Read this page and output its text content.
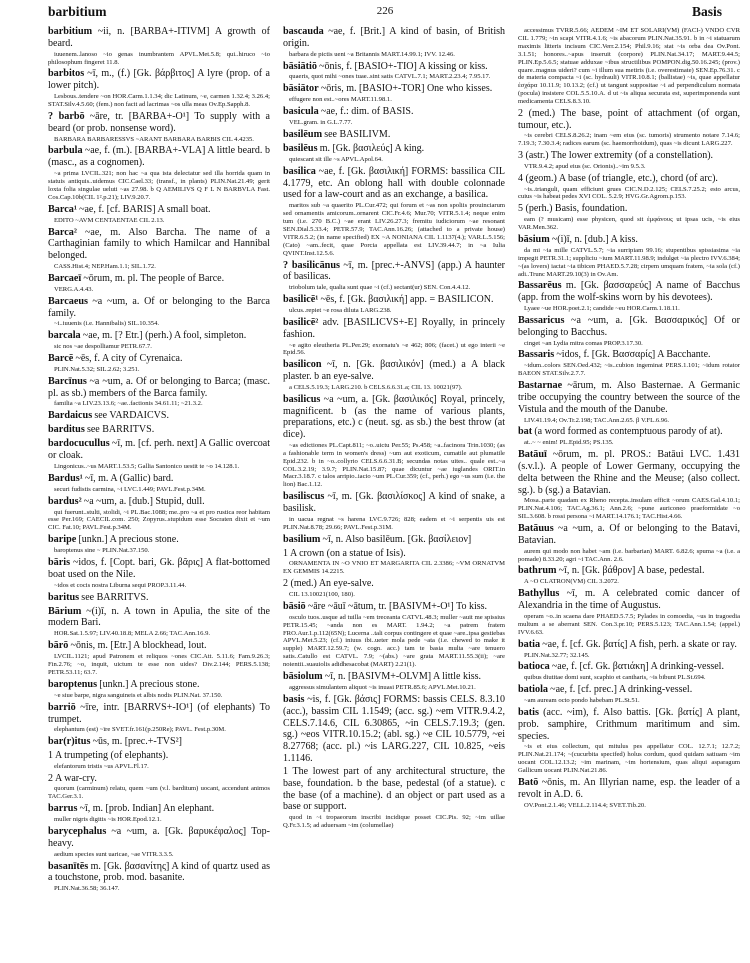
barbitium	226	Basis
barbitium ~ii, n. [BARBA+-ITIVM] A growth of beard.
iuuenem..lanoso ~io genas inumbrantem APVL.Met.5.8; qui..hiruco ~io philosophum fingeret 11.8.
barbitos ~ī, m., (f.) [Gk. βάρβιτος] A lyre (prop. of a lower pitch).
Lesbous..tendere ~on HOR.Carm.1.1.34; dic Latinum, ~e, carmen 1.32.4; 3.26.4; STAT.Silv.4.5.60; (fem.) non facit ad lacrimas ~os ulla meas Ov.Ep.Sapph.8.
? barbō ~āre, tr. [BARBA+-O¹] To supply with a beard (or prob. nonsense word).
BARBARA BARBARESSVS ~ARANT BARBARA BARBIS CIL 4.4235.
barbula ~ae, f. (m.). [BARBA+-VLA] A little beard. b (masc., as a cognomen).
~a prima LVCIL.321; non hac ~a qua ista delectatur sed illa horrida quam in statuis antiquis..uidemus CIC.Cael.33; (transf., in plants) PLIN.Nat.21.49; gerit loxta folia singulae ueluti ~as 27.98. b Q AEMILIVS Q F L N BARBVLA Fast. Cos.Cap.10b(CIL 1².p.21); LIV.9.20.7.
Barca¹ ~ae, f. [cf. BARIS] A small boat.
EDITO ~AVM CENTAENTAE CIL 2.13.
Barca² ~ae, m. Also Barcha. The name of a Carthaginian family to which Hamilcar and Hannibal belonged.
CASS.Hist.4; NEP.Ham.1.1; SIL.1.72.
Barcaeī ~ōrum, m. pl. The people of Barce.
VERG.A.4.43.
Barcaeus ~a ~um, a. Of or belonging to the Barca family.
~i..iuuenis (i.e. Hannibalis) SIL.10.354.
barcala ~ae, m. [? Etr.] (perh.) A fool, simpleton.
sic nos ~ae despolliamur PETR.67.7.
Barcē ~ēs, f. A city of Cyrenaica.
PLIN.Nat.5.32; SIL.2.62; 3.251.
Barcīnus ~a ~um, a. Of or belonging to Barca; (masc. pl. as sb.) members of the Barca family.
familia ~a LIV.23.13.6; ~ae..factionis 34.61.11; ~21.3.2.
Bardaicus see VARDAICVS.
barditus see BARRITVS.
bardocucullus ~ī, m. [cf. perh. next] A Gallic overcoat or cloak.
Lingonicus..~us MART.1.53.5; Gallia Santonico uestit te ~o 14.128.1.
Bardus¹ ~ī, m. A (Gallic) bard.
securi fudistis carmina, ~i LVC.1.449; PAVL.Fest.p.34M.
bardus² ~a ~um, a. [dub.] Stupid, dull.
qui fuerunt..stulti, stolidi, ~i PL.Bac.1088; me..pro ~a et pro rustica reor habitam esse Per.169; CAECIL.com. 250; Zopyrus..stupidum esse Socraten dixit et ~um CIC. Fat.10; PAVL.Fest.p.34M.
baripe [unkn.] A precious stone.
baroptenus sine ~ PLIN.Nat.37.150.
bāris ~idos, f. [Copt. bari, Gk. βᾶρις] A flat-bottomed boat used on the Nile.
~idos et cocis nostra Liburna sequi PROP.3.11.44.
baritus see BARRITVS.
Bārium ~(i)ī, n. A town in Apulia, the site of the modern Bari.
HOR.Sat.1.5.97; LIV.40.18.8; MELA 2.66; TAC.Ann.16.9.
bārō ~ōnis, m. [Etr.] A blockhead, lout.
LVCIL.1121; apud Patronem et reliquos ~ones CIC.Att. 5.11.6; Fam.9.26.3; Fin.2.76; ~o, inquit, uictum te esse non uides? Div.2.144; PERS.5.138; PETR.53.11; 63.7.
baroptenus [unkn.] A precious stone.
~e siue barpe, nigra sanguineis et albis nodis PLIN.Nat. 37.150.
barriō ~īre, intr. [BARRVS+-IO¹] (of elephants) To trumpet.
elephantum (est) ~īre SVET.fr.161(p.250Re); PAVL. Fest.p.30M.
bar(r)itus ~ūs, m. [prec.+-TVS²]
1 A trumpeting (of elephants).
elefantorum tristis ~us APVL.Fl.17.
2 A war-cry.
quorum (carminum) relatu, quem ~um (v.l. barditum) uocant, accendunt animos TAC.Ger.3.1.
barrus ~ī, m. [prob. Indian] An elephant.
muller nigris digitis ~is HOR.Epod.12.1.
barycephalus ~a ~um, a. [Gk. βαρυκέφαλος] Top-heavy.
aedium species sunt uaricae, ~ae VITR.3.3.5.
basanītēs m. [Gk. βασανίτης] A kind of quartz used as a touchstone, prob. mod. basanite.
PLIN.Nat.36.58; 36.147.
bascauda ~ae, f. [Brit.] A kind of basin, of British origin.
barbara de pictis ueni ~a Britannis MART.14.99.1; IVV. 12.46.
bāsiātiō ~ōnis, f. [BASIO+-TIO] A kissing or kiss.
quaeris, quot mihi ~ones tuae..sint satis CATVL.7.1; MART.2.23.4; 7.95.17.
bāsiātor ~ōris, m. [BASIO+-TOR] One who kisses.
effugere non est..~ores MART.11.98.1.
basicula ~ae, f.: dim. of BASIS.
VEL.gram. in G.L.7.77.
basilēum see BASILIVM.
basilēus m. [Gk. βασιλεύς] A king.
quiescant sit ille ~s APVL.Apol.64.
basilica ~ae, f. [Gk. βασιλική] FORMS: bassilica CIL 4.1779, etc. An oblong hall with double colonnade used for a law-court and as an exchange, a basilica.
maritos sub ~a quaerito PL.Cur.472; qui forum et ~as non spoliis prouinciarum sed ornamentis amicorum..ornarent CIC.Fr.4.6; Mur.70; VITR.5.1.4; neque enim tum (i.e. 270 B.C.) ~ae erant LIV.26.27.3; fremitu iudiciorum ~ae resonant SEN.Dial.5.33.4; PETR.57.9; TAC.Ann.16.26; (attached to a private house) VITR.6.5.2; (in name specified) EX ~A NONIANA CIL 1.1137(4.); VAR.L.5.156; (Cato) ~am..fecit, quae Porcia appellata est LIV.39.44.7; in ~a Iulia QVINT.Inst.12.5.6.
? basilicānus ~ī, m. [prec.+-ANVS] (app.) A haunter of basilicas.
triobolum tale, qualia sunt quae ~i (cf.) sectant(ur) SEN. Con.4.4.12.
basilicē¹ ~ēs, f. [Gk. βασιλική] app. = BASILICON.
ulcus..repiet ~e rosa diluta LARG.238.
basilicē² adv. [BASILICVS+-E] Royally, in princely fashion.
~e agito eleutheria PL.Per.29; exornatu's ~e 462; 806; (facet.) ut ego interii ~e Epid.56.
basilicon ~ī, n. [Gk. βασιλικόν] (med.) a A black plaster. b an eye-salve.
a CELS.5.19.3; LARG.210. b CELS.6.6.31.a; CIL 13. 10021(97).
basilicus ~a ~um, a. [Gk. βασιλικός] Royal, princely, magnificent. b (as the name of various plants, preparations, etc.) c (neut. sg. as sb.) the best throw (at dice).
~as edictiones PL.Capt.811; ~o..uictu Per.55; Ps.458; ~a..facinora Trin.1030; (as a fashionable term in women's dress) ~um aut exoticum, cumatile aut plumatile Epid.232. b in ~o..collyrio CELS.6.6.31.B; secundas notas uites.. quale est..~a COL.3.2.19; 3.9.7; PLIN.Nat.15.87; quae dicuntur ~ae iuglandes ORIT.in Macr.3.18.7. c talos arripio..iacio ~um PL.Cur.359; (cf., perh.) ego ~us sum (i.e. the lion) Bac.1.12.
basiliscus ~ī, m. [Gk. βασιλίσκος] A kind of snake, a basilisk.
in uacua regnat ~s harena LVC.9.726; 828; eadem et ~i serpentis uis est PLIN.Nat.8.78; 29.66; PAVL.Fest.p.31M.
basilium ~ī, n. Also basilēum. [Gk. βασίλειον]
1 A crown (on a statue of Isis).
ORNAMENTA IN ~O VNIO ET MARGARITA CIL 2.3386; ~VM ORNATVM EX GEMMIS 14.2215.
2 (med.) An eye-salve.
CIL 13.10021(100, 180).
bāsiō ~āre ~āuī ~ātum, tr. [BASIVM+-O¹] To kiss.
osculo tuos..usque ad tuilla ~em treceanta CATVL.48.3; muller ~auit me spissius PETR.15.45; ~anda non es MART. 1.94.2; ~a patrem fratem FRO.Aur.1.p.112(65N); Lucerna ..tali corpus contingere et quae ~are..ipsa gestiebas APVL.Met.5.23; (cf.) iniuus ibi..ueter mola pede ~ata (i.e. chewed to make it supple) MART.12.59.7; (w. cogn. acc.) tam te basia multa ~are tenuero satis..Catullo est CATVL. 7.9; ~(abs.) ~are grata MART.11.55.3(ii); ~are noientii..suauiolis adidhesacobat (MART) 2.21(1).
bāsiolum ~ī, n. [BASIVM+-OLVM] A little kiss.
aggressus simulantem aliquot ~is inuasi PETR.85.6; APVL.Met.10.21.
basis ~is, f. [Gk. βάσις] FORMS: bassis CELS. 8.3.10 (acc.), bassim CIL 1.1549; (acc. sg.) ~em VITR.9.4.2, CELS.7.14.6, CIL 6.30865, ~in CELS.7.19.3; (gen. sg.) ~eos VITR.10.15.2; (abl. sg.) ~e CIL 10.5779, ~ei 8.27768; (acc. pl.) ~is LARG.227, CIL 10.825, ~eis 1.1146.
1 The lowest part of any architectural structure, the base, foundation. b the base, pedestal (of a statue). c the base (of a machine). d an object or part used as a base or support.
quod in ~i tropaeorum inscribi incidique posset CIC.Pis. 92; ~im uillae Q.Fr.3.1.5; ad aduersam ~im (columellae)
accessimus TVRR.5.66; AEDEM ~IM ET SOLARI(VM) (FACI-) VNDO CVR CIL 1.779; ~in scapi VITR.4.1.6; ~is abacorum PLIN.Nat.35.91. b in ~i statuarum maximis litteris incisum CIC.Verr.2.154; Phil.9.16; stat ~is orba dea Ov.Pont. 3.1.51; honores..~apus inseruit (corpore) PLIN.Nat.34.17; MART.9.44.5; PLIN.Ep.5.6.5; statuae adduxae ~ibus structilibus POMPON.dig.50.16.245; (prov.) quare..magnus uideri? cum ~i illum sua metiris (i.e. overestimate) SEN.Ep.76.31. c de materia compacta ~i (sc. hydrauli) VITR.10.8.1; (ballistae) ~is, quae appellatur ἐσχάρα 10.11.9; 10.13.2; (cf.) ut tangunt suppositae ~i ad perpendiculum normata (pocula) insistere COL.5.5.10.A. d ut ~is aliqua securata est, superimponenda sunt medicamenta CELS.8.3.10.
2 (med.) The base, point of attachment (of organ, tumour, etc.).
~is cerebri CELS.8.26.2; inam ~em eius (sc. tumoris) strumento notare 7.14.6; 7.19.3; 7.30.3.4; radices earum (sc. haemorrhoidum), quas ~is dicunt LARG.227.
3 (astr.) The lower extremity (of a constellation).
VTR.9.4.2; apud eius (sc. Orionis)..~im 9.5.3.
4 (geom.) A base (of triangle, etc.), chord (of arc).
~is..trianguli, quam efficiunt grues CIC.N.D.2.125; CELS.7.25.2; esto arcus, cuius ~is habeat pedes XVI COL. 5.2.9; HVG.Gr.Agrom.p.153.
5 (perh.) Basis, foundation.
eam (? musicam) esse physicen, quod sit ἐμφάνους ut ipsas ucis, ~is eius VAR.Men.362.
bāsium ~(i)ī, n. [dub.] A kiss.
da mi ~ia mille CATVL.5.7; ~ia surripiam 99.16; stupentibus spissiasima ~ia impegit PETR.31.1; suppliciu ~ium MART.11.98.9; indulget ~ia plectro IVV.6.384; ~(as lovers) iactat ~ia tibicen PHAED.5.7.28; cirpem umquam fratem, ~ia sola (cf.) adi..Trunc MART.29.10(3) in Ov.Am.
Bassarēus m. [Gk. βασσαρεύς] A name of Bacchus (app. from the wolf-skins worn by his devotees).
Lyaee ~ue HOR.poet.2.1; candide ~eu HOR.Carm.1.18.11.
Bassaricus ~a ~um, a. [Gk. Βασσαρικός] Of or belonging to Bacchus.
cinget ~an Lydia mitra comas PROP.3.17.30.
Bassaris ~idos, f. [Gk. Βασσαρίς] A Bacchante.
~idum..colors SEN.Oed.432; ~is..cubion ingeminat PERS.1.101; ~idum rotator BAEON STAT.Silv.2.7.7.
Bastarnae ~ārum, m. Also Basternae. A Germanic tribe occupying the country between the source of the Vistula and the mouth of the Danube.
LIV.41.19.4; Ov.Tr.2.198; TAC.Ann.2.65. β V.FL.6.96.
bat (a word formed as contemptuous parody of at).
at..~ ~ enim! PL.Epid.95; PS.135.
Batāuī ~ōrum, m. pl. PROS.: Batāui LVC. 1.431 (s.v.l.). A people of Lower Germany, occupying the delta between the Rhine and the Meuse; (also collect. sg.). b (sg.) a Batavian.
Mosa..parte quadam ex Rheno recepta..insulam efficit ~orum CAES.Gal.4.10.1; PLIN.Nat.4.106; TAC.Ag.36.1; Ann.2.6; ~pune auriconeo praeformidate ~o SIL.3.608. b rossi persona ~i MART.14.176.1; TAC.Hist.4.66.
Batāuus ~a ~um, a. Of or belonging to the Batavi, Batavian.
aurem qui modo non habet ~am (i.e. barbarian) MART. 6.82.6; spuma ~a (i.e. a pomade) 8.33.20; agri ~i TAC.Ann. 2.6.
bathrum ~ī, n. [Gk. βάθρον] A base, pedestal.
A ~O CLATRON(VM) CIL 3.2072.
Bathyllus ~ī, m. A celebrated comic dancer of Alexandria in the time of Augustus.
operam ~o..in scaena dare PHAED.5.7.5; Pylades in comoedia, ~us in tragoedia multum a se aberrant SEN. Con.3.pr.10; PERS.5.123; TAC.Ann.1.54; (appel.) IVV.6.63.
batia ~ae, f. [cf. Gk. βατίς] A fish, perh. a skate or ray.
PLIN.Nat.32.77; 32.145.
batioca ~ae, f. [cf. Gk. βατιάκη] A drinking-vessel.
quibus diutitae domi sunt, scaphio et cantharis, ~is bibunt PL.St.694.
batiola ~ae, f. [cf. prec.] A drinking-vessel.
~am auream octo pondo habebam PL.St.51.
batis (acc. ~im), f. Also battis. [Gk. βατίς] A plant, prob. samphire, Crithmum maritimum and sim. species.
~is et eius collectum, qui mitulus pes appellatur COL. 12.7.1; 12.7.2; PLIN.Nat.21.174; ~(cucurbita specifed) holus cordum, quod quidam satiuam ~im uocant COL.12.13.2; ~im marinam, ~im hortensium, quas aliqui asparagum Gallicum uocant PLIN.Nat.21.86.
Batō ~ōnis, m. An Illyrian name, esp. the leader of a revolt in A.D. 6.
OV.Pont.2.1.46; VELL.2.114.4; SVET.Tib.20.
